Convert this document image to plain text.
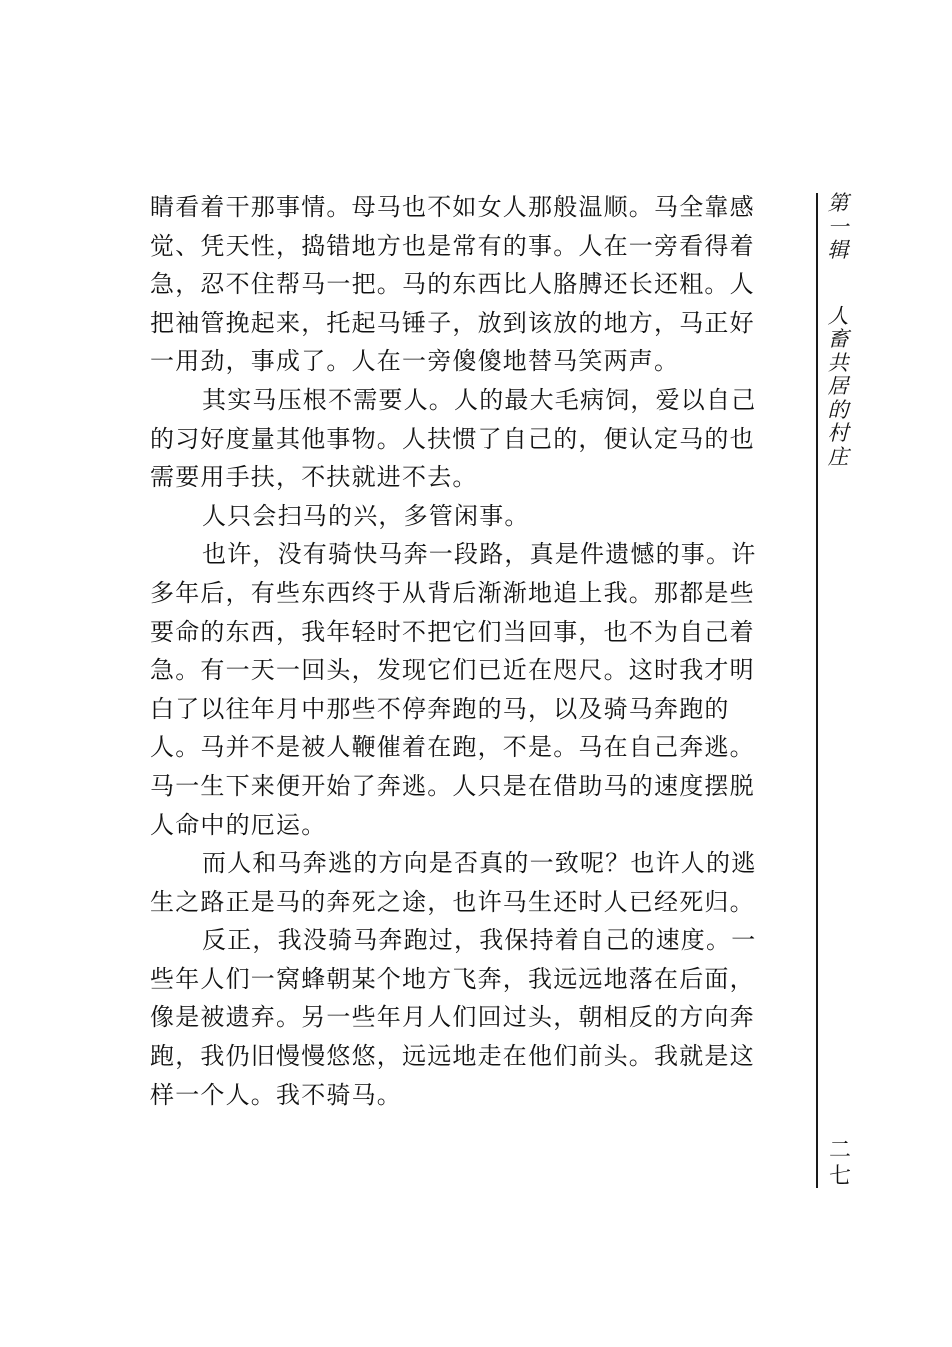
睛看着干那事情。母马也不如女人那般温顺。马全靠感
觉、凭天性，捣错地方也是常有的事。人在一旁看得着
急，忍不住帮马一把。马的东西比人胳膊还长还粗。人
把袖管挽起来，托起马锤子，放到该放的地方，马正好
一用劲，事成了。人在一旁傻傻地替马笑两声。
其实马压根不需要人。人的最大毛病饲，爱以自己
的习好度量其他事物。人扶惯了自己的，便认定马的也
需要用手扶，不扶就进不去。
人只会扫马的兴，多管闲事。
也许，没有骑快马奔一段路，真是件遗憾的事。许
多年后，有些东西终于从背后渐渐地追上我。那都是些
要命的东西，我年轻时不把它们当回事，也不为自己着
急。有一天一回头，发现它们已近在咫尺。这时我才明
白了以往年月中那些不停奔跑的马，以及骑马奔跑的
人。马并不是被人鞭催着在跑，不是。马在自己奔逃。
马一生下来便开始了奔逃。人只是在借助马的速度摆脱
人命中的厄运。
而人和马奔逃的方向是否真的一致呢？也许人的逃
生之路正是马的奔死之途，也许马生还时人已经死归。
反正，我没骑马奔跑过，我保持着自己的速度。一
些年人们一窝蜂朝某个地方飞奔，我远远地落在后面，
像是被遗弃。另一些年月人们回过头，朝相反的方向奔
跑，我仍旧慢慢悠悠，远远地走在他们前头。我就是这
样一个人。我不骑马。
第
一
辑
人
畜
共
居
的
村
庄
二
七
